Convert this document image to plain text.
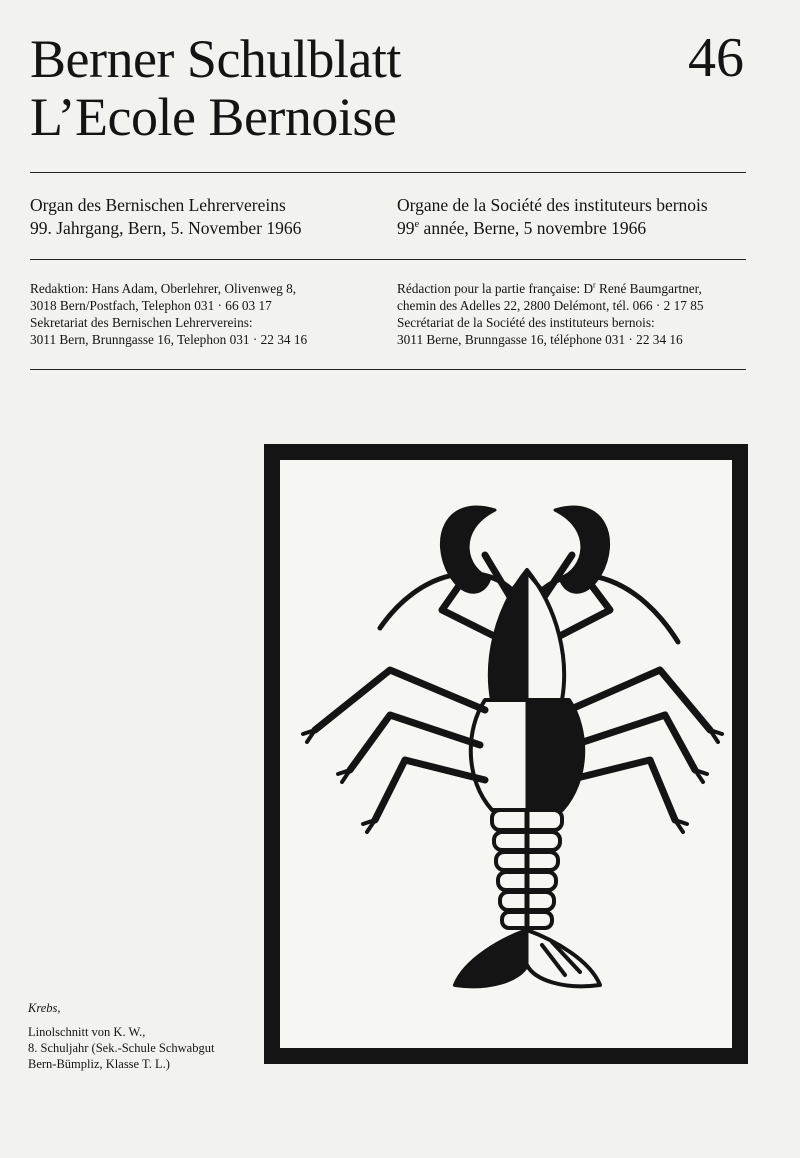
Berner Schulblatt
L’Ecole Bernoise
46
Organ des Bernischen Lehrervereins
99. Jahrgang, Bern, 5. November 1966
Organe de la Société des instituteurs bernois
99e année, Berne, 5 novembre 1966
Redaktion: Hans Adam, Oberlehrer, Olivenweg 8,
3018 Bern/Postfach, Telephon 031 · 66 03 17
Sekretariat des Bernischen Lehrervereins:
3011 Bern, Brunngasse 16, Telephon 031 · 22 34 16
Rédaction pour la partie française: $D^r$ René Baumgartner,
chemin des Adelles 22, 2800 Delémont, tél. 066 · 2 17 85
Secrétariat de la Société des instituteurs bernois:
3011 Berne, Brunngasse 16, téléphone 031 · 22 34 16
Krebs,
Linolschnitt von K. W.,
8. Schuljahr (Sek.-Schule Schwabgut
Bern-Bümpliz, Klasse T. L.)
